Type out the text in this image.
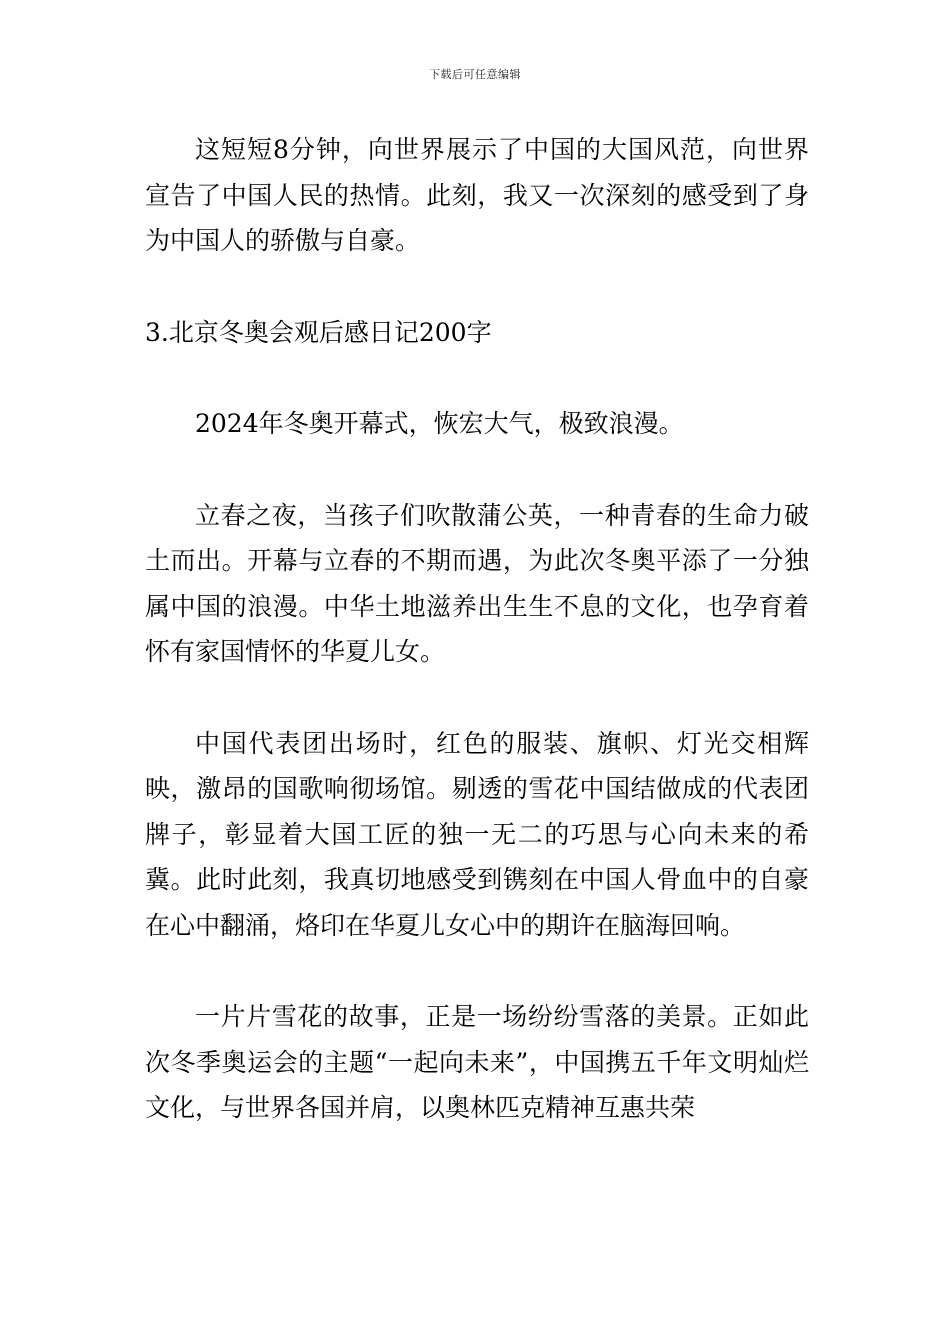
下载后可任意编辑

这短短8分钟，向世界展示了中国的大国风范，向世界宣告了中国人民的热情。此刻，我又一次深刻的感受到了身为中国人的骄傲与自豪。

3.北京冬奥会观后感日记200字

2024年冬奥开幕式，恢宏大气，极致浪漫。

立春之夜，当孩子们吹散蒲公英，一种青春的生命力破土而出。开幕与立春的不期而遇，为此次冬奥平添了一分独属中国的浪漫。中华土地滋养出生生不息的文化，也孕育着怀有家国情怀的华夏儿女。

中国代表团出场时，红色的服装、旗帜、灯光交相辉映，激昂的国歌响彻场馆。剔透的雪花中国结做成的代表团牌子，彰显着大国工匠的独一无二的巧思与心向未来的希冀。此时此刻，我真切地感受到镌刻在中国人骨血中的自豪在心中翻涌，烙印在华夏儿女心中的期许在脑海回响。

一片片雪花的故事，正是一场纷纷雪落的美景。正如此次冬季奥运会的主题“一起向未来”，中国携五千年文明灿烂文化，与世界各国并肩，以奥林匹克精神互惠共荣
